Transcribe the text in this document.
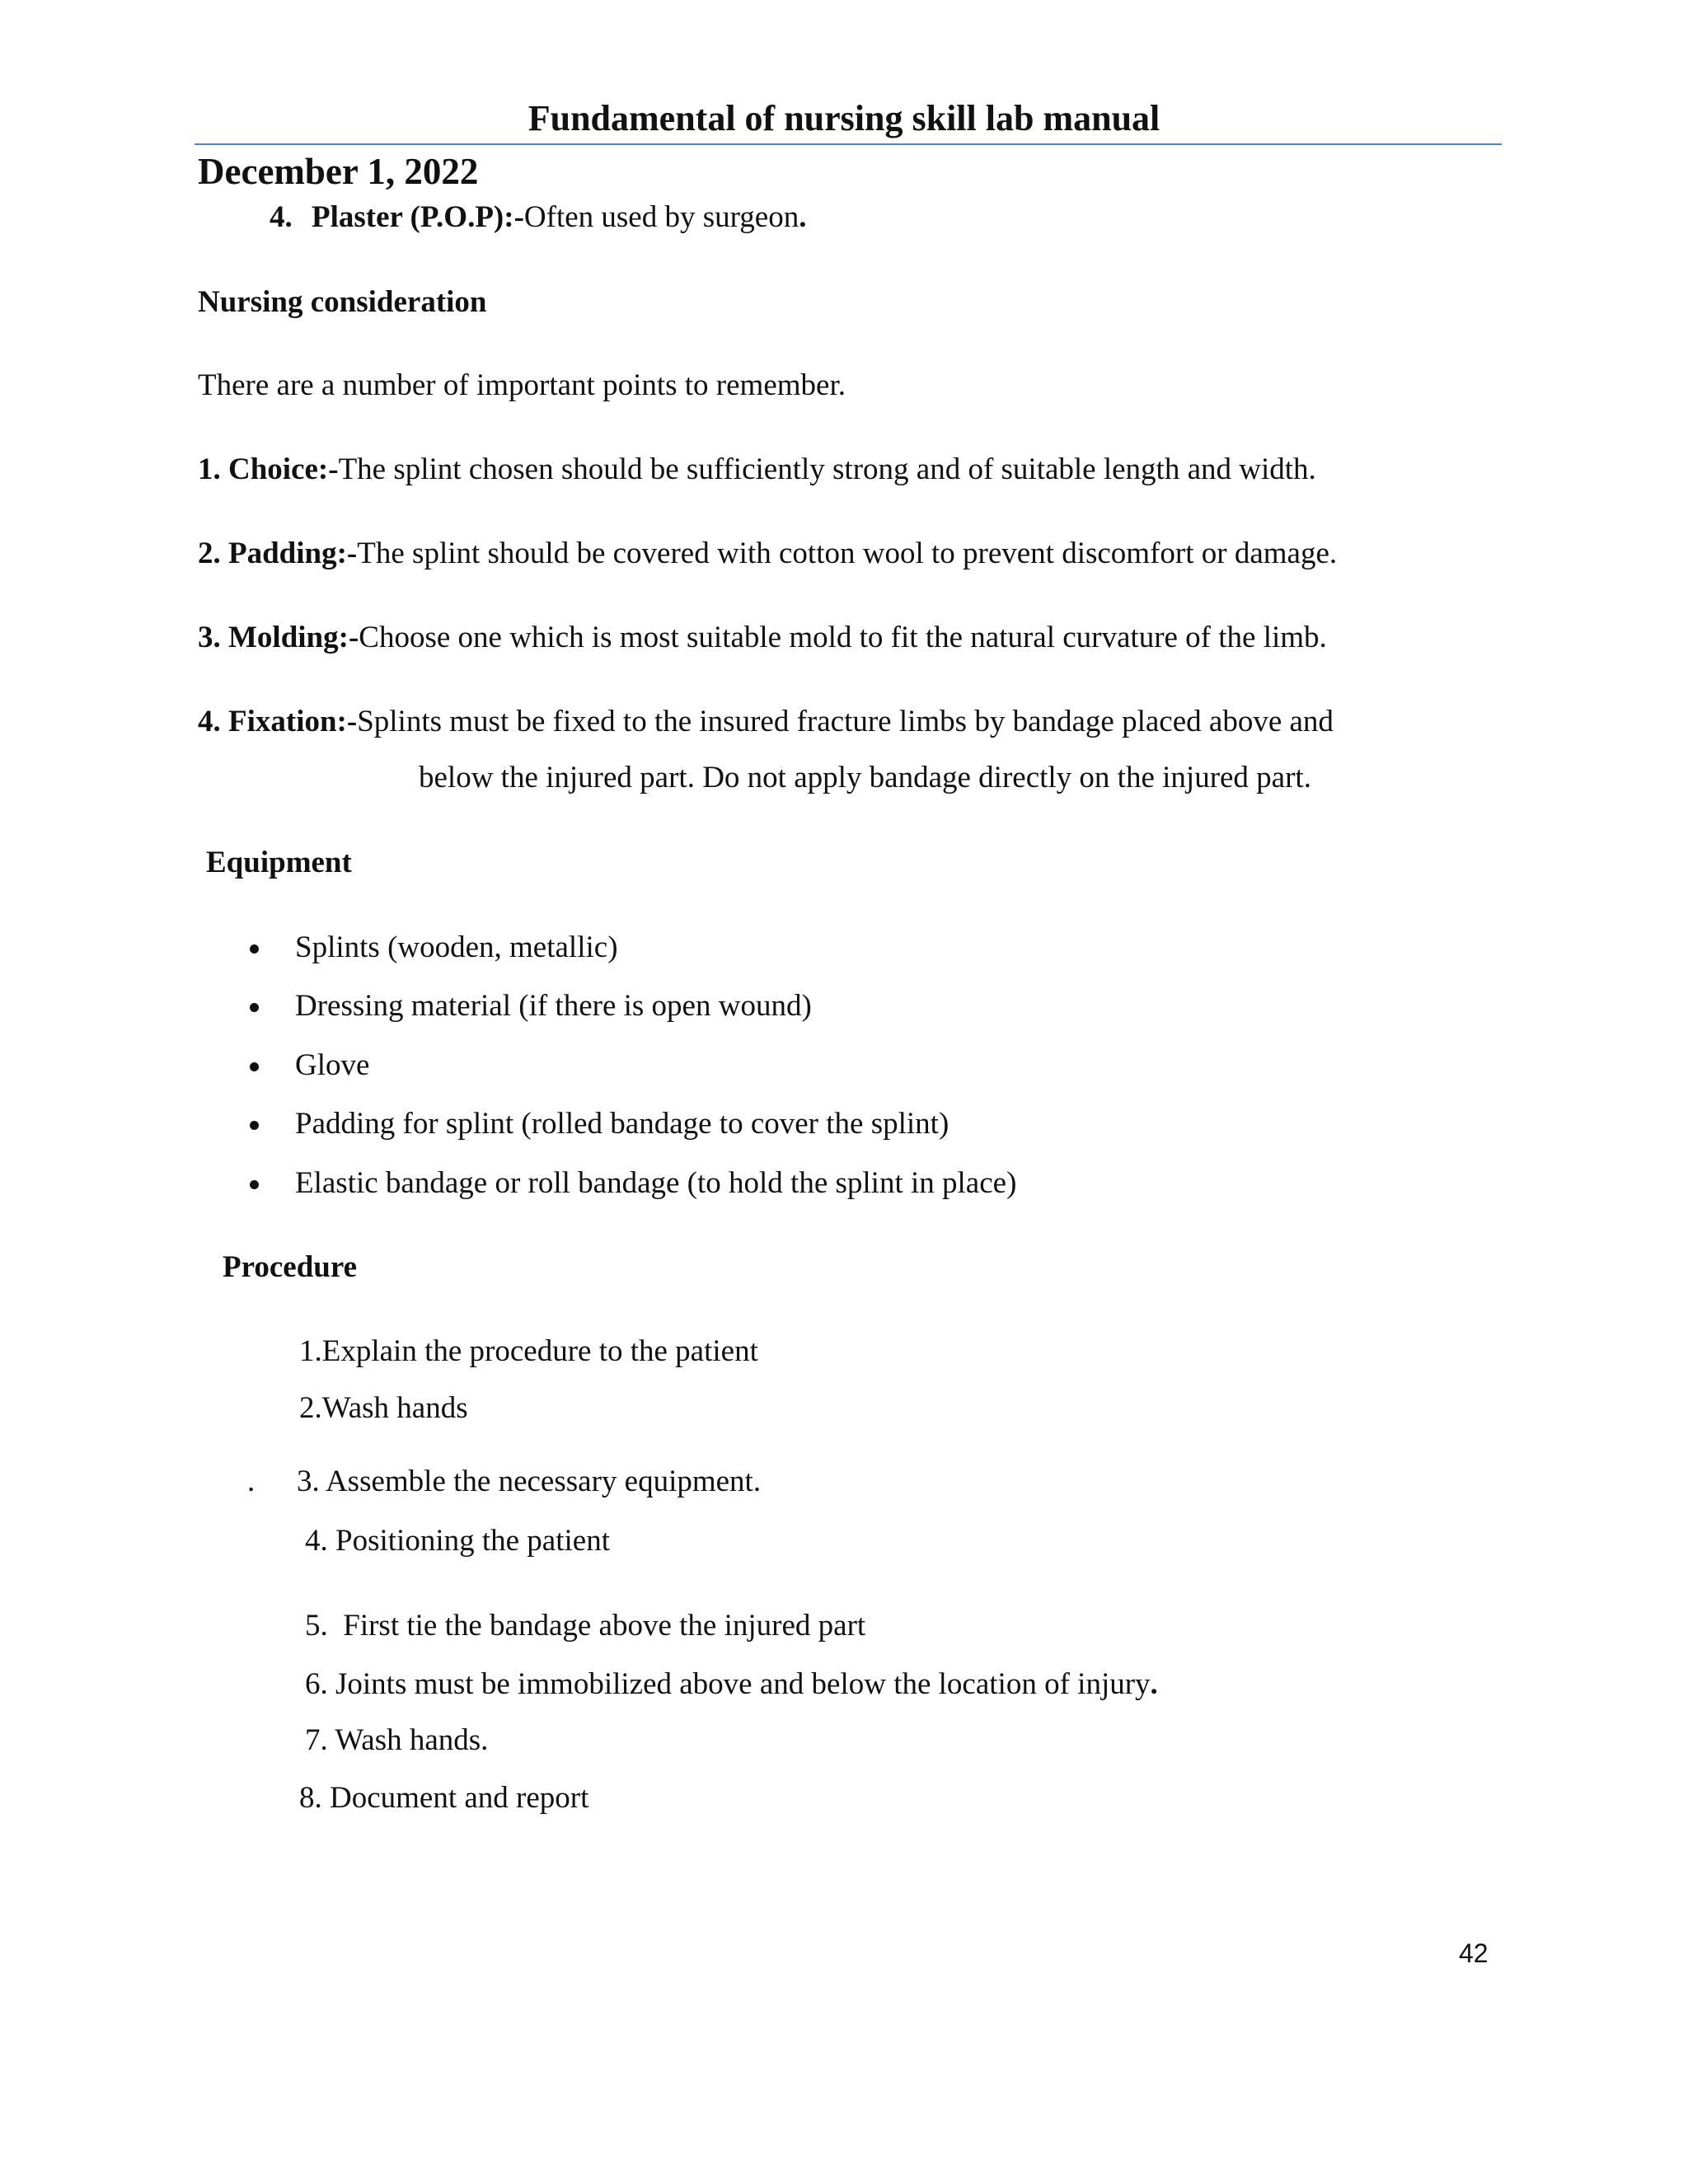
Fundamental of nursing skill lab manual
December 1, 2022
4. Plaster (P.O.P):-Often used by surgeon.
Nursing consideration
There are a number of important points to remember.
1. Choice:-The splint chosen should be sufficiently strong and of suitable length and width.
2. Padding:-The splint should be covered with cotton wool to prevent discomfort or damage.
3. Molding:-Choose one which is most suitable mold to fit the natural curvature of the limb.
4. Fixation:-Splints must be fixed to the insured fracture limbs by bandage placed above and
below the injured part. Do not apply bandage directly on the injured part.
Equipment
Splints (wooden, metallic)
Dressing material (if there is open wound)
Glove
Padding for splint (rolled bandage to cover the splint)
Elastic bandage or roll bandage (to hold the splint in place)
Procedure
1.Explain the procedure to the patient
2.Wash hands
. 3. Assemble the necessary equipment.
4. Positioning the patient
5.  First tie the bandage above the injured part
6. Joints must be immobilized above and below the location of injury.
7. Wash hands.
8. Document and report
42
